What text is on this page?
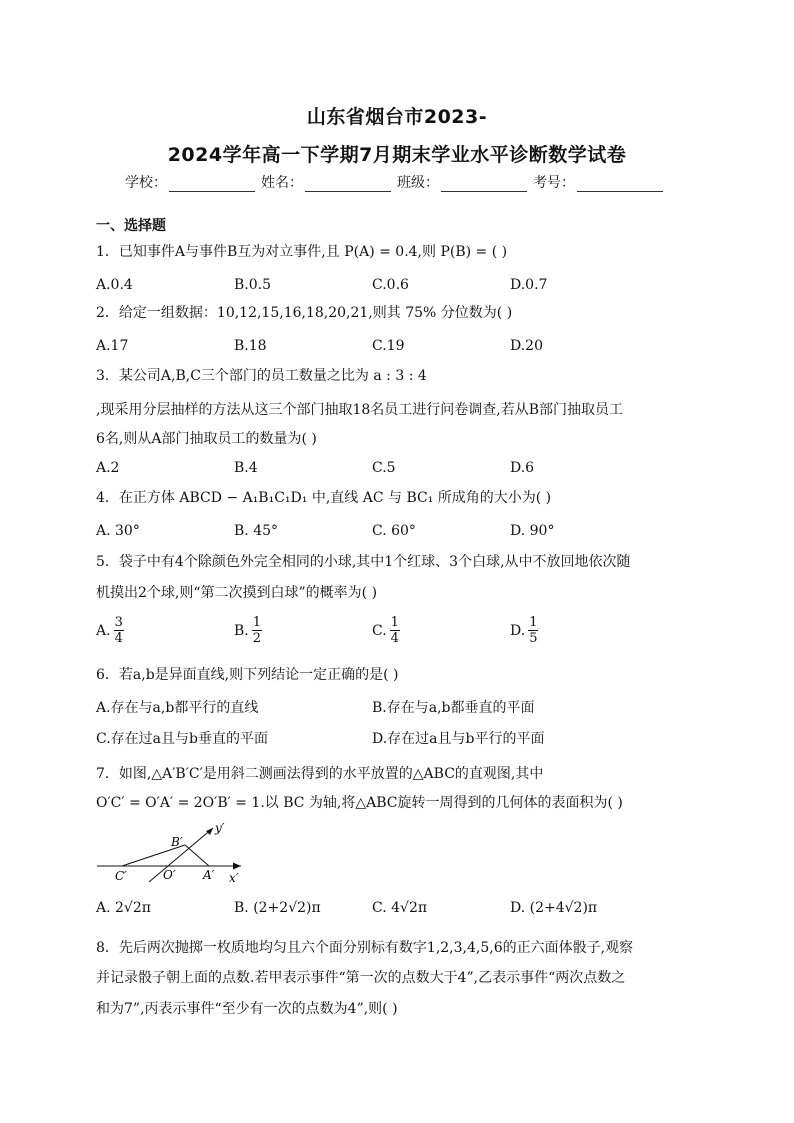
山东省烟台市2023-
2024学年高一下学期7月期末学业水平诊断数学试卷
学校：	姓名：	班级：	考号：
一、选择题
1．已知事件A与事件B互为对立事件,且 P(A) = 0.4,则 P(B) = ( )
A.0.4	B.0.5	C.0.6	D.0.7
2．给定一组数据：10,12,15,16,18,20,21,则其 75% 分位数为( )
A.17	B.18	C.19	D.20
3．某公司A,B,C三个部门的员工数量之比为 a : 3 : 4
,现采用分层抽样的方法从这三个部门抽取18名员工进行问卷调查,若从B部门抽取员工
6名,则从A部门抽取员工的数量为( )
A.2	B.4	C.5	D.6
4．在正方体 ABCD − A₁B₁C₁D₁ 中,直线 AC 与 BC₁ 所成角的大小为( )
A. 30°	B. 45°	C. 60°	D. 90°
5．袋子中有4个除颜色外完全相同的小球,其中1个红球、3个白球,从中不放回地依次随
机摸出2个球,则“第二次摸到白球”的概率为( )
A. $\frac{3}{4}$	B. $\frac{1}{2}$	C. $\frac{1}{4}$	D. $\frac{1}{5}$
6．若a,b是异面直线,则下列结论一定正确的是( )
A.存在与a,b都平行的直线	B.存在与a,b都垂直的平面
C.存在过a且与b垂直的平面	D.存在过a且与b平行的平面
7．如图,△A′B′C′是用斜二测画法得到的水平放置的△ABC的直观图,其中
O′C′ = O′A′ = 2O′B′ = 1.以 BC 为轴,将△ABC旋转一周得到的几何体的表面积为( )
y′
B′
C′	O′ A′ x′
A. 2√2π	B. (2+2√2)π	C. 4√2π	D. (2+4√2)π
8．先后两次抛掷一枚质地均匀且六个面分别标有数字1,2,3,4,5,6的正六面体骰子,观察
并记录骰子朝上面的点数.若甲表示事件“第一次的点数大于4”,乙表示事件“两次点数之
和为7”,丙表示事件“至少有一次的点数为4”,则( )
